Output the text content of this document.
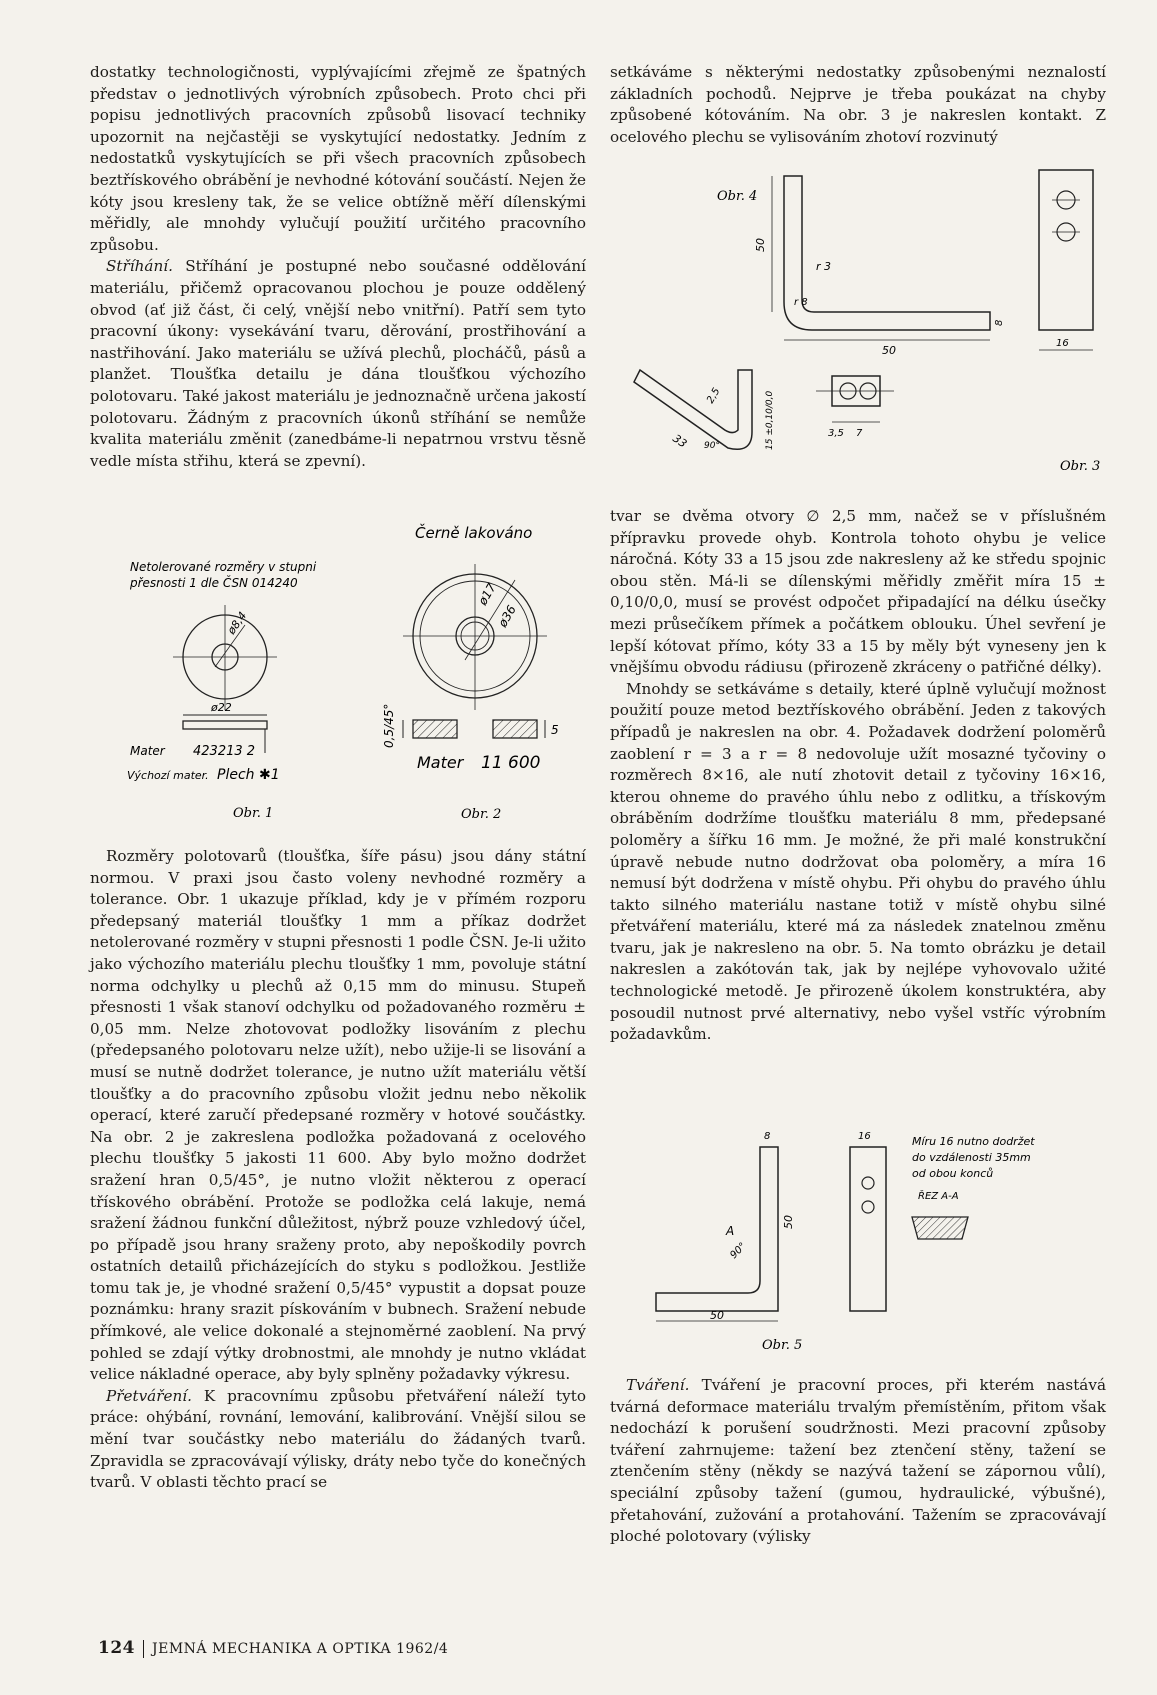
dostatky technologičnosti, vyplývajícími zřejmě ze špatných představ o jednotlivých výrobních způsobech. Proto chci při popisu jednotlivých pracovních způsobů lisovací techniky upozornit na nejčastěji se vyskytující nedostatky. Jedním z nedostatků vyskytujících se při všech pracovních způsobech beztřískového obrábění je nevhodné kótování součástí. Nejen že kóty jsou kresleny tak, že se velice obtížně měří dílenskými měřidly, ale mnohdy vylučují použití určitého pracovního způsobu.

Stříhání. Stříhání je postupné nebo současné oddělování materiálu, přičemž opracovanou plochou je pouze oddělený obvod (ať již část, či celý, vnější nebo vnitřní). Patří sem tyto pracovní úkony: vysekávání tvaru, děrování, prostřihování a nastřihování. Jako materiálu se užívá plechů, plocháčů, pásů a planžet. Tloušťka detailu je dána tloušťkou výchozího polotovaru. Také jakost materiálu je jednoznačně určena jakostí polotovaru. Žádným z pracovních úkonů stříhání se nemůže kvalita materiálu změnit (zanedbáme-li nepatrnou vrstvu těsně vedle místa střihu, která se zpevní).

Netolerované rozměry v stupni
přesnosti 1 dle ČSN 014240
ø8,4
ø22
Mater 423213 2
Výchozí mater. Plech ✱1
Obr. 1
Černě lakováno
ø17
ø36
0,5/45°	5
Mater 11 600
Obr. 2

Rozměry polotovarů (tloušťka, šíře pásu) jsou dány státní normou. V praxi jsou často voleny nevhodné rozměry a tolerance. Obr. 1 ukazuje příklad, kdy je v přímém rozporu předepsaný materiál tloušťky 1 mm a příkaz dodržet netolerované rozměry v stupni přesnosti 1 podle ČSN. Je-li užito jako výchozího materiálu plechu tloušťky 1 mm, povoluje státní norma odchylky u plechů až 0,15 mm do minusu. Stupeň přesnosti 1 však stanoví odchylku od požadovaného rozměru ± 0,05 mm. Nelze zhotovovat podložky lisováním z plechu (předepsaného polotovaru nelze užít), nebo užije-li se lisování a musí se nutně dodržet tolerance, je nutno užít materiálu větší tloušťky a do pracovního způsobu vložit jednu nebo několik operací, které zaručí předepsané rozměry v hotové součástky. Na obr. 2 je zakreslena podložka požadovaná z ocelového plechu tloušťky 5 jakosti 11 600. Aby bylo možno dodržet sražení hran 0,5/45°, je nutno vložit některou z operací třískového obrábění. Protože se podložka celá lakuje, nemá sražení žádnou funkční důležitost, nýbrž pouze vzhledový účel, po případě jsou hrany sraženy proto, aby nepoškodily povrch ostatních detailů přicházejících do styku s podložkou. Jestliže tomu tak je, je vhodné sražení 0,5/45° vypustit a dopsat pouze poznámku: hrany srazit pískováním v bubnech. Sražení nebude přímkové, ale velice dokonalé a stejnoměrné zaoblení. Na prvý pohled se zdají výtky drobnostmi, ale mnohdy je nutno vkládat velice nákladné operace, aby byly splněny požadavky výkresu.

Přetváření. K pracovnímu způsobu přetváření náleží tyto práce: ohýbání, rovnání, lemování, kalibrování. Vnější silou se mění tvar součástky nebo materiálu do žádaných tvarů. Zpravidla se zpracovávají výlisky, dráty nebo tyče do konečných tvarů. V oblasti těchto prací se

setkáváme s některými nedostatky způsobenými neznalostí základních pochodů. Nejprve je třeba poukázat na chyby způsobené kótováním. Na obr. 3 je nakreslen kontakt. Z ocelového plechu se vylisováním zhotoví rozvinutý

Obr. 4
50
50
8
r 3
r 8
16
33	15 ±0,10/0,0
2,5
90°
3,5 7
Obr. 3

tvar se dvěma otvory ∅ 2,5 mm, načež se v příslušném přípravku provede ohyb. Kontrola tohoto ohybu je velice náročná. Kóty 33 a 15 jsou zde nakresleny až ke středu spojnic obou stěn. Má-li se dílenskými měřidly změřit míra 15 ± 0,10/0,0, musí se provést odpočet připadající na délku úsečky mezi průsečíkem přímek a počátkem oblouku. Úhel sevření je lepší kótovat přímo, kóty 33 a 15 by měly být vyneseny jen k vnějšímu obvodu rádiusu (přirozeně zkráceny o patřičné délky).

Mnohdy se setkáváme s detaily, které úplně vylučují možnost použití pouze metod beztřískového obrábění. Jeden z takových případů je nakreslen na obr. 4. Požadavek dodržení poloměrů zaoblení r = 3 a r = 8 nedovoluje užít mosazné tyčoviny o rozměrech 8×16, ale nutí zhotovit detail z tyčoviny 16×16, kterou ohneme do pravého úhlu nebo z odlitku, a třískovým obráběním dodržíme tloušťku materiálu 8 mm, předepsané poloměry a šířku 16 mm. Je možné, že při malé konstrukční úpravě nebude nutno dodržovat oba poloměry, a míra 16 nemusí být dodržena v místě ohybu. Při ohybu do pravého úhlu takto silného materiálu nastane totiž v místě ohybu silné přetváření materiálu, které má za následek znatelnou změnu tvaru, jak je nakresleno na obr. 5. Na tomto obrázku je detail nakreslen a zakótován tak, jak by nejlépe vyhovovalo užité technologické metodě. Je přirozeně úkolem konstruktéra, aby posoudil nutnost prvé alternativy, nebo vyšel vstříc výrobním požadavkům.

8
50
50
90°
A
16	Míru 16 nutno dodržet
do vzdálenosti 35mm
od obou konců
ŘEZ A-A
Obr. 5

Tváření. Tváření je pracovní proces, při kterém nastává tvárná deformace materiálu trvalým přemístěním, přitom však nedochází k porušení soudržnosti. Mezi pracovní způsoby tváření zahrnujeme: tažení bez ztenčení stěny, tažení se ztenčením stěny (někdy se nazývá tažení se zápornou vůlí), speciální způsoby tažení (gumou, hydraulické, výbušné), přetahování, zužování a protahování. Tažením se zpracovávají ploché polotovary (výlisky

124 JEMNÁ MECHANIKA A OPTIKA 1962/4
